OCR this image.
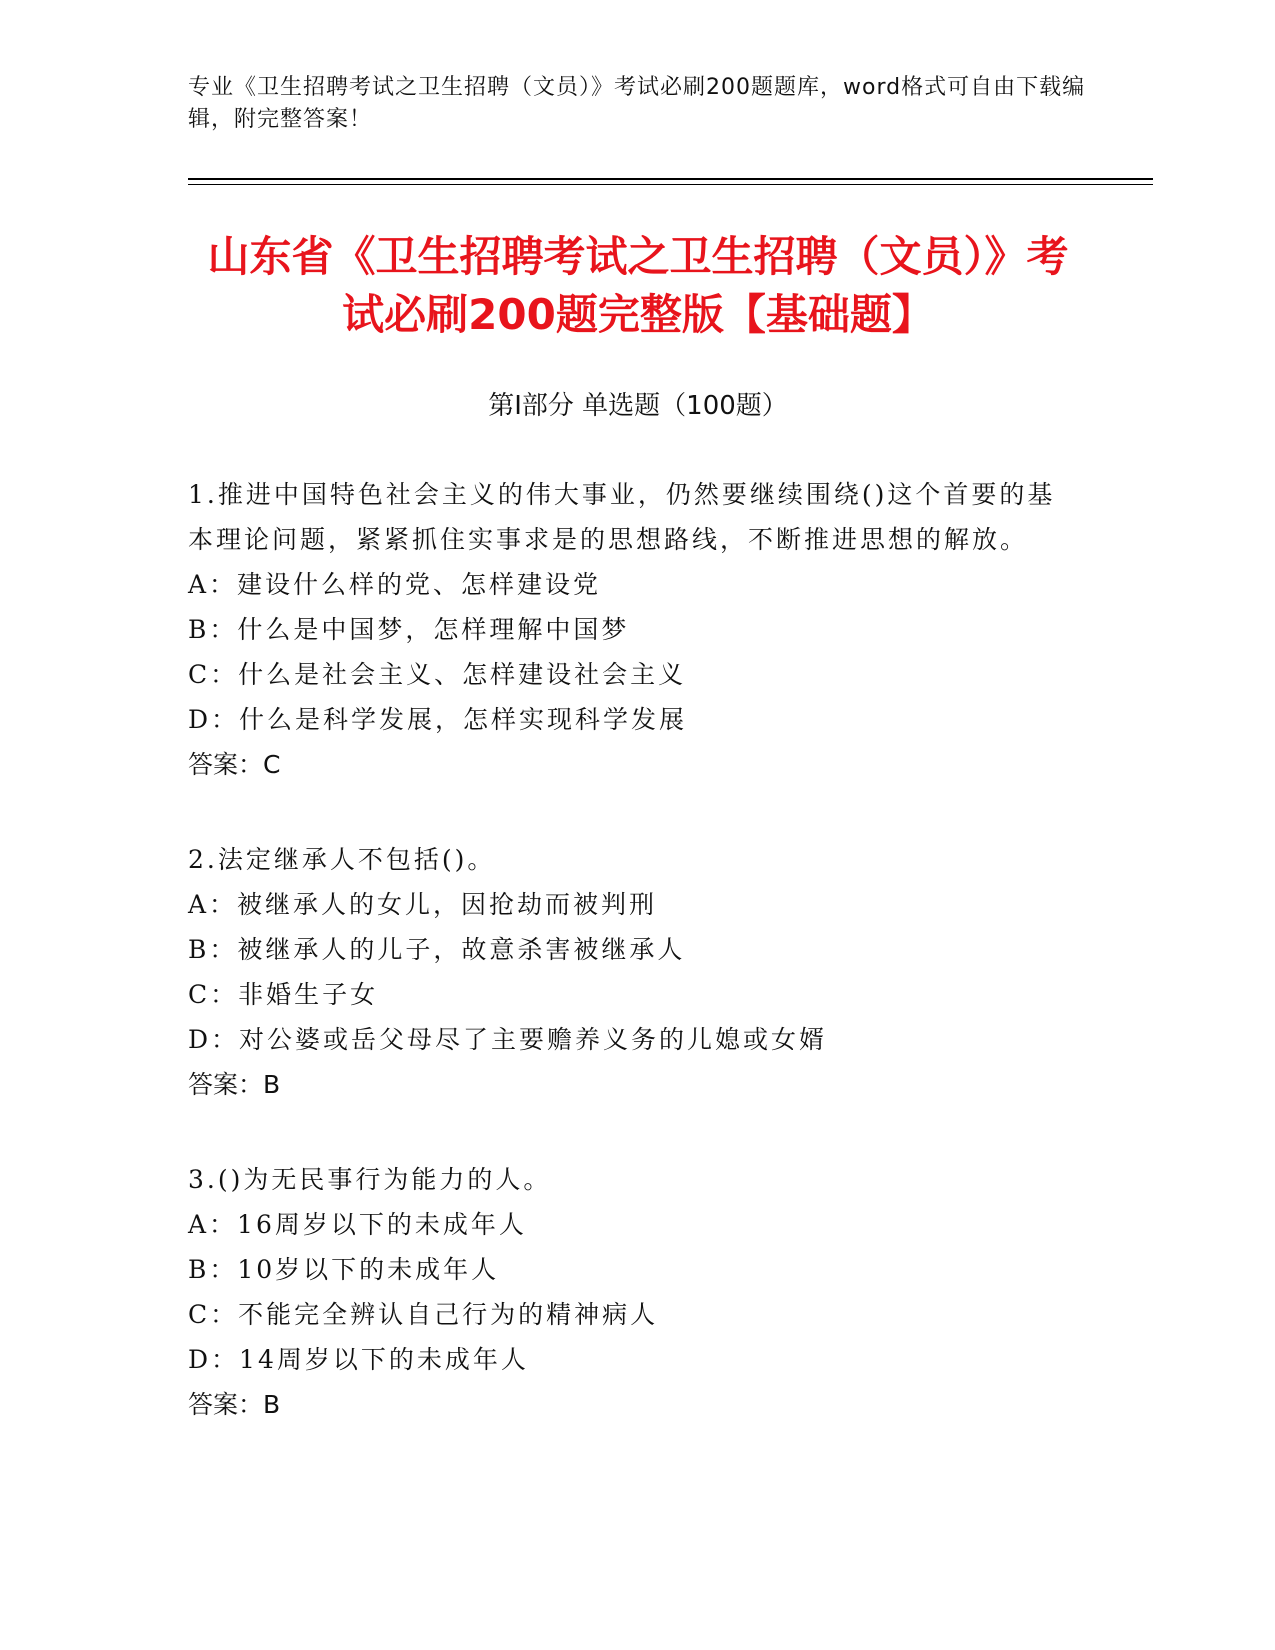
专业《卫生招聘考试之卫生招聘（文员）》考试必刷200题题库，word格式可自由下载编辑，附完整答案！
山东省《卫生招聘考试之卫生招聘（文员）》考试必刷200题完整版【基础题】
第I部分 单选题（100题）

1.推进中国特色社会主义的伟大事业，仍然要继续围绕()这个首要的基本理论问题，紧紧抓住实事求是的思想路线，不断推进思想的解放。

A：建设什么样的党、怎样建设党

B：什么是中国梦，怎样理解中国梦

C：什么是社会主义、怎样建设社会主义

D：什么是科学发展，怎样实现科学发展

答案：C

2.法定继承人不包括()。

A：被继承人的女儿，因抢劫而被判刑

B：被继承人的儿子，故意杀害被继承人

C：非婚生子女

D：对公婆或岳父母尽了主要赡养义务的儿媳或女婿

答案：B

3.()为无民事行为能力的人。

A：16周岁以下的未成年人

B：10岁以下的未成年人

C：不能完全辨认自己行为的精神病人

D：14周岁以下的未成年人

答案：B
